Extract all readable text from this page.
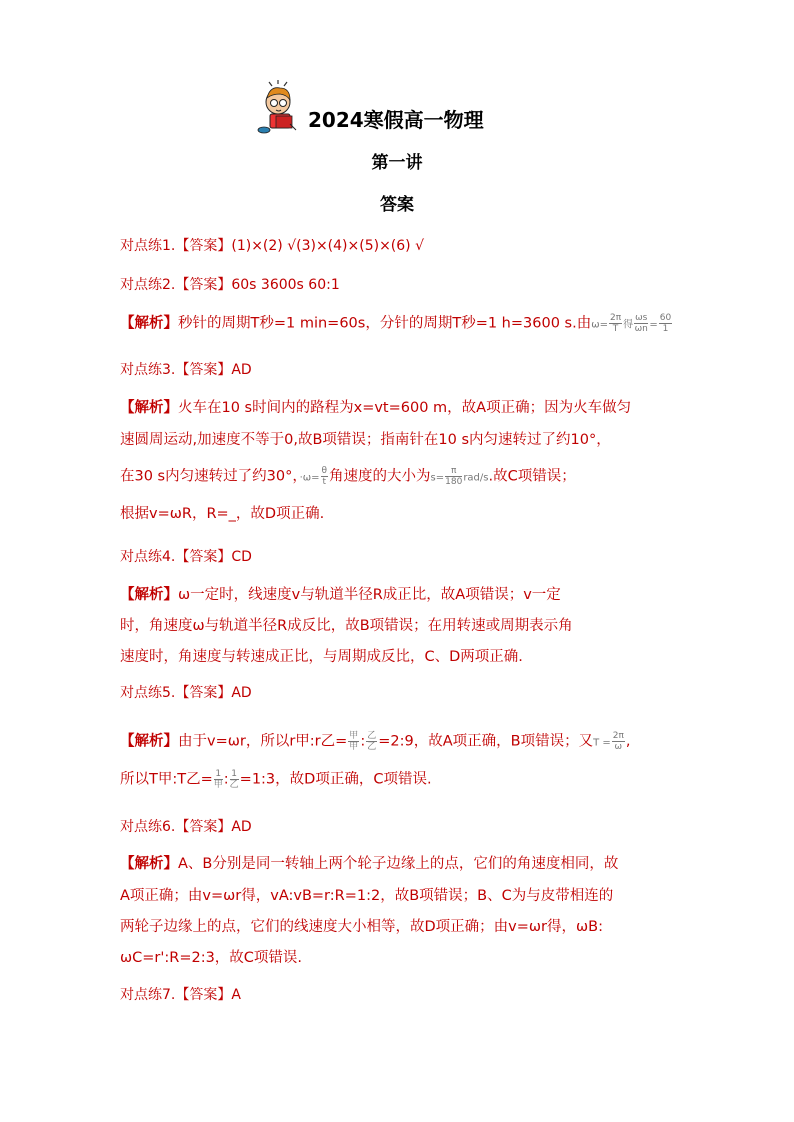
2024寒假高一物理
第一讲
答案
对点练1.【答案】(1)×(2) √(3)×(4)×(5)×(6) √
对点练2.【答案】60s 3600s 60:1
【解析】秒针的周期T秒=1 min=60s，分针的周期T秒=1 h=3600 s.由$\omega= \frac{2\pi}{T}$ 得 $\frac{\omega s}{\omega n} = \frac{60}{1}$
对点练3.【答案】AD
【解析】火车在10 s时间内的路程为x=vt=600 m，故A项正确；因为火车做匀
速圆周运动,加速度不等于0,故B项错误；指南针在10 s内匀速转过了约10°，
在30 s内匀速转过了约30°，$\cdot\omega= \frac{\theta}{t}$ 角速度的大小为$s= \frac{\pi}{180} rad/s$.故C项错误；
根据v=ωR，R=_，故D项正确.
对点练4.【答案】CD
【解析】ω一定时，线速度v与轨道半径R成正比，故A项错误；v一定
时，角速度ω与轨道半径R成反比，故B项错误；在用转速或周期表示角
速度时，角速度与转速成正比，与周期成反比，C、D两项正确.
对点练5.【答案】AD
【解析】由于v=ωr，所以r甲:r乙= $\frac{\text{甲}}{\text{甲}}$ : $\frac{\text{乙}}{\text{乙}}$ =2:9，故A项正确，B项错误；又$T = \frac{2\pi}{\omega}$ ,
所以T甲:T乙= $\frac{1}{\text{甲}}$ : $\frac{1}{\text{乙}}$ =1:3，故D项正确，C项错误.
对点练6.【答案】AD
【解析】A、B分别是同一转轴上两个轮子边缘上的点，它们的角速度相同，故
A项正确；由v=ωr得，vA:vB=r:R=1:2，故B项错误；B、C为与皮带相连的
两轮子边缘上的点，它们的线速度大小相等，故D项正确；由v=ωr得，ωB:
ωC=r':R=2:3，故C项错误.
对点练7.【答案】A
